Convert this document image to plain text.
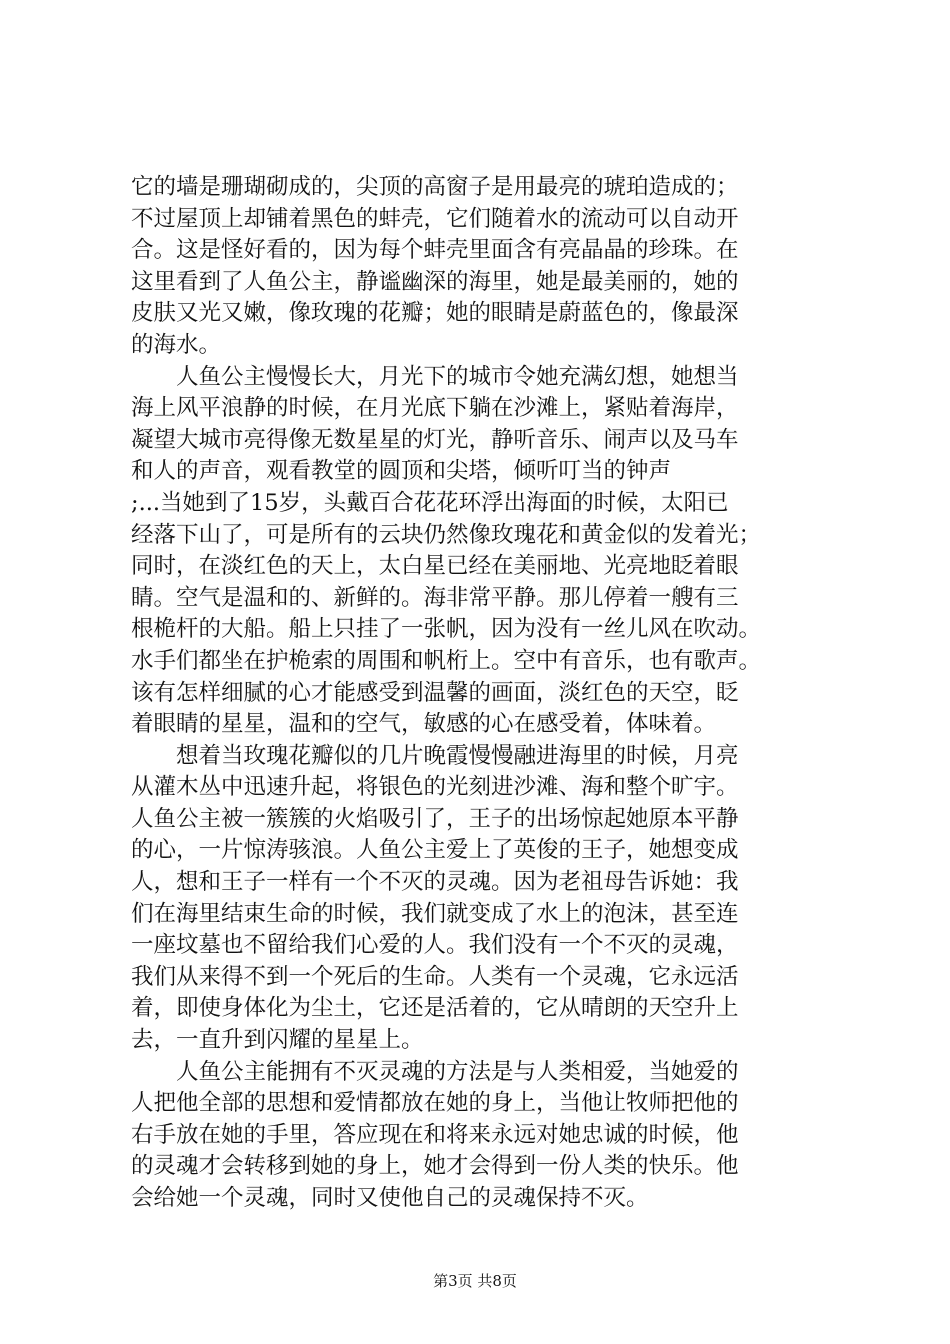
它的墙是珊瑚砌成的，尖顶的高窗子是用最亮的琥珀造成的；
不过屋顶上却铺着黑色的蚌壳，它们随着水的流动可以自动开
合。这是怪好看的，因为每个蚌壳里面含有亮晶晶的珍珠。在
这里看到了人鱼公主，静谧幽深的海里，她是最美丽的，她的
皮肤又光又嫩，像玫瑰的花瓣；她的眼睛是蔚蓝色的，像最深
的海水。
　　人鱼公主慢慢长大，月光下的城市令她充满幻想，她想当
海上风平浪静的时候，在月光底下躺在沙滩上，紧贴着海岸，
凝望大城市亮得像无数星星的灯光，静听音乐、闹声以及马车
和人的声音，观看教堂的圆顶和尖塔，倾听叮当的钟声
;...当她到了15岁，头戴百合花花环浮出海面的时候，太阳已
经落下山了，可是所有的云块仍然像玫瑰花和黄金似的发着光；
同时，在淡红色的天上，太白星已经在美丽地、光亮地眨着眼
睛。空气是温和的、新鲜的。海非常平静。那儿停着一艘有三
根桅杆的大船。船上只挂了一张帆，因为没有一丝儿风在吹动。
水手们都坐在护桅索的周围和帆桁上。空中有音乐，也有歌声。
该有怎样细腻的心才能感受到温馨的画面，淡红色的天空，眨
着眼睛的星星，温和的空气，敏感的心在感受着，体味着。
　　想着当玫瑰花瓣似的几片晚霞慢慢融进海里的时候，月亮
从灌木丛中迅速升起，将银色的光刻进沙滩、海和整个旷宇。
人鱼公主被一簇簇的火焰吸引了，王子的出场惊起她原本平静
的心，一片惊涛骇浪。人鱼公主爱上了英俊的王子，她想变成
人，想和王子一样有一个不灭的灵魂。因为老祖母告诉她：我
们在海里结束生命的时候，我们就变成了水上的泡沫，甚至连
一座坟墓也不留给我们心爱的人。我们没有一个不灭的灵魂，
我们从来得不到一个死后的生命。人类有一个灵魂，它永远活
着，即使身体化为尘土，它还是活着的，它从晴朗的天空升上
去，一直升到闪耀的星星上。
　　人鱼公主能拥有不灭灵魂的方法是与人类相爱，当她爱的
人把他全部的思想和爱情都放在她的身上，当他让牧师把他的
右手放在她的手里，答应现在和将来永远对她忠诚的时候，他
的灵魂才会转移到她的身上，她才会得到一份人类的快乐。他
会给她一个灵魂，同时又使他自己的灵魂保持不灭。
第3页 共8页
